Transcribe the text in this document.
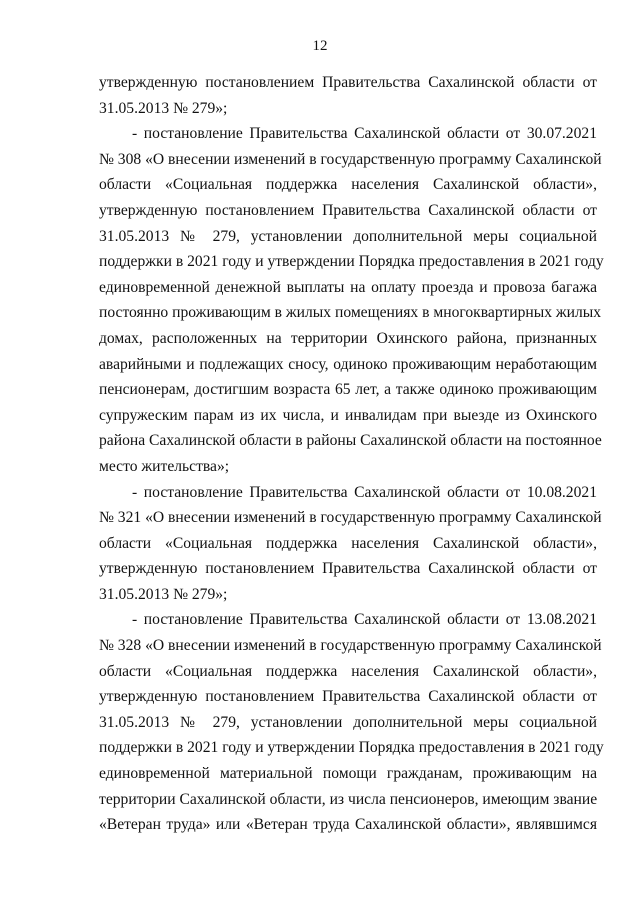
12
утвержденную постановлением Правительства Сахалинской области от
31.05.2013 № 279»;
- постановление Правительства Сахалинской области от 30.07.2021
№ 308 «О внесении изменений в государственную программу Сахалинской
области «Социальная поддержка населения Сахалинской области»,
утвержденную постановлением Правительства Сахалинской области от
31.05.2013 № 279, установлении дополнительной меры социальной
поддержки в 2021 году и утверждении Порядка предоставления в 2021 году
единовременной денежной выплаты на оплату проезда и провоза багажа
постоянно проживающим в жилых помещениях в многоквартирных жилых
домах, расположенных на территории Охинского района, признанных
аварийными и подлежащих сносу, одиноко проживающим неработающим
пенсионерам, достигшим возраста 65 лет, а также одиноко проживающим
супружеским парам из их числа, и инвалидам при выезде из Охинского
района Сахалинской области в районы Сахалинской области на постоянное
место жительства»;
- постановление Правительства Сахалинской области от 10.08.2021
№ 321 «О внесении изменений в государственную программу Сахалинской
области «Социальная поддержка населения Сахалинской области»,
утвержденную постановлением Правительства Сахалинской области от
31.05.2013 № 279»;
- постановление Правительства Сахалинской области от 13.08.2021
№ 328 «О внесении изменений в государственную программу Сахалинской
области «Социальная поддержка населения Сахалинской области»,
утвержденную постановлением Правительства Сахалинской области от
31.05.2013 № 279, установлении дополнительной меры социальной
поддержки в 2021 году и утверждении Порядка предоставления в 2021 году
единовременной материальной помощи гражданам, проживающим на
территории Сахалинской области, из числа пенсионеров, имеющим звание
«Ветеран труда» или «Ветеран труда Сахалинской области», являвшимся
